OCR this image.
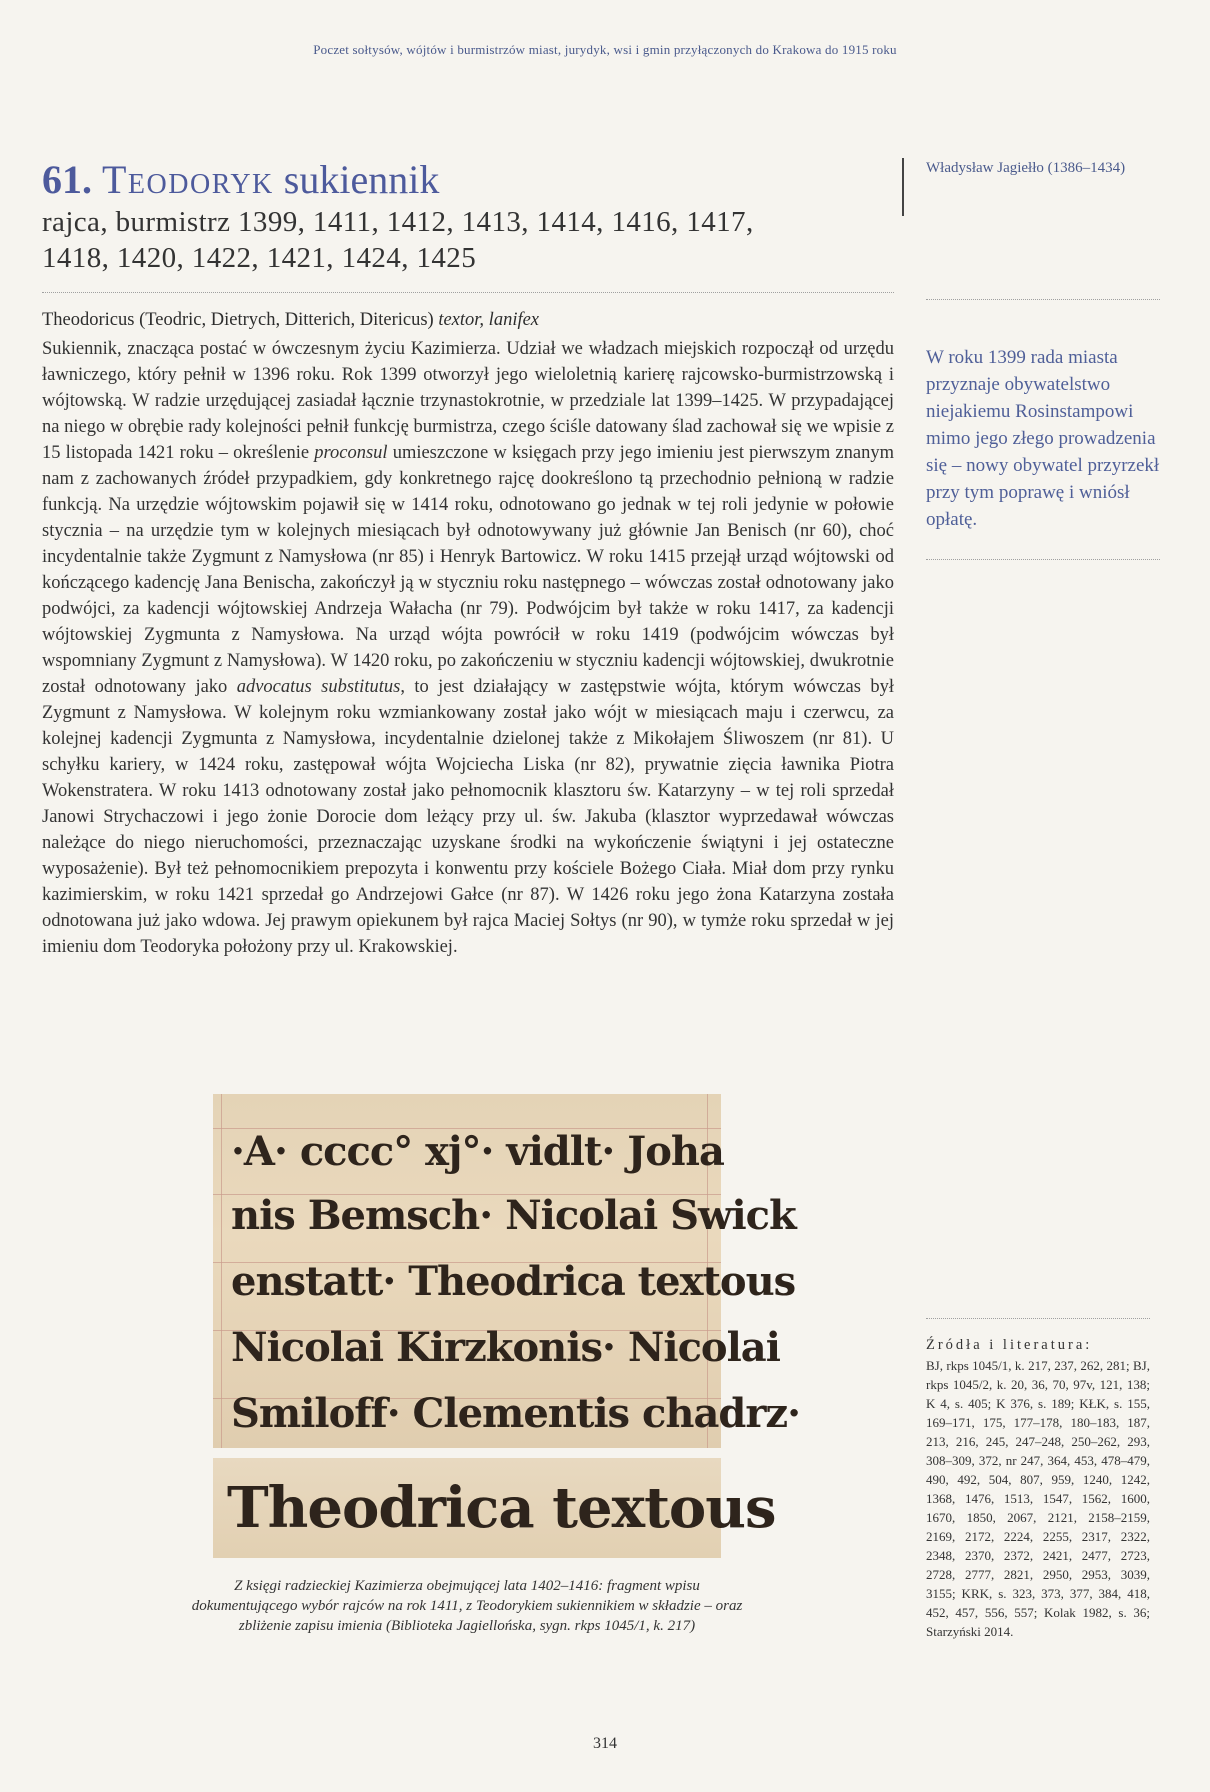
Poczet sołtysów, wójtów i burmistrzów miast, jurydyk, wsi i gmin przyłączonych do Krakowa do 1915 roku
61. Teodoryk sukiennik
rajca, burmistrz 1399, 1411, 1412, 1413, 1414, 1416, 1417,
1418, 1420, 1422, 1421, 1424, 1425
Theodoricus (Teodric, Dietrych, Ditterich, Ditericus) textor, lanifex

Sukiennik, znacząca postać w ówczesnym życiu Kazimierza. Udział we władzach miejskich rozpoczął od urzędu ławniczego, który pełnił w 1396 roku. Rok 1399 otworzył jego wieloletnią karierę rajcowsko-burmistrzowską i wójtowską. W radzie urzędującej zasiadał łącznie trzynastokrotnie, w przedziale lat 1399–1425. W przypadającej na niego w obrębie rady kolejności pełnił funkcję burmistrza, czego ściśle datowany ślad zachował się we wpisie z 15 listopada 1421 roku – określenie proconsul umieszczone w księgach przy jego imieniu jest pierwszym znanym nam z zachowanych źródeł przypadkiem, gdy konkretnego rajcę dookreślono tą przechodnio pełnioną w radzie funkcją. Na urzędzie wójtowskim pojawił się w 1414 roku, odnotowano go jednak w tej roli jedynie w połowie stycznia – na urzędzie tym w kolejnych miesiącach był odnotowywany już głównie Jan Benisch (nr 60), choć incydentalnie także Zygmunt z Namysłowa (nr 85) i Henryk Bartowicz. W roku 1415 przejął urząd wójtowski od kończącego kadencję Jana Benischa, zakończył ją w styczniu roku następnego – wówczas został odnotowany jako podwójci, za kadencji wójtowskiej Andrzeja Wałacha (nr 79). Podwójcim był także w roku 1417, za kadencji wójtowskiej Zygmunta z Namysłowa. Na urząd wójta powrócił w roku 1419 (podwójcim wówczas był wspomniany Zygmunt z Namysłowa). W 1420 roku, po zakończeniu w styczniu kadencji wójtowskiej, dwukrotnie został odnotowany jako advocatus substitutus, to jest działający w zastępstwie wójta, którym wówczas był Zygmunt z Namysłowa. W kolejnym roku wzmiankowany został jako wójt w miesiącach maju i czerwcu, za kolejnej kadencji Zygmunta z Namysłowa, incydentalnie dzielonej także z Mikołajem Śliwoszem (nr 81). U schyłku kariery, w 1424 roku, zastępował wójta Wojciecha Liska (nr 82), prywatnie zięcia ławnika Piotra Wokenstratera. W roku 1413 odnotowany został jako pełnomocnik klasztoru św. Katarzyny – w tej roli sprzedał Janowi Strychaczowi i jego żonie Dorocie dom leżący przy ul. św. Jakuba (klasztor wyprzedawał wówczas należące do niego nieruchomości, przeznaczając uzyskane środki na wykończenie świątyni i jej ostateczne wyposażenie). Był też pełnomocnikiem prepozyta i konwentu przy kościele Bożego Ciała. Miał dom przy rynku kazimierskim, w roku 1421 sprzedał go Andrzejowi Gałce (nr 87). W 1426 roku jego żona Katarzyna została odnotowana już jako wdowa. Jej prawym opiekunem był rajca Maciej Sołtys (nr 90), w tymże roku sprzedał w jej imieniu dom Teodoryka położony przy ul. Krakowskiej.

Władysław Jagiełło (1386–1434)
W roku 1399 rada miasta przyznaje obywatelstwo niejakiemu Rosinstampowi mimo jego złego prowadzenia się – nowy obywatel przyrzekł przy tym poprawę i wniósł opłatę.
Źródła i literatura:
BJ, rkps 1045/1, k. 217, 237, 262, 281; BJ, rkps 1045/2, k. 20, 36, 70, 97v, 121, 138; K 4, s. 405; K 376, s. 189; KŁK, s. 155, 169–171, 175, 177–178, 180–183, 187, 213, 216, 245, 247–248, 250–262, 293, 308–309, 372, nr 247, 364, 453, 478–479, 490, 492, 504, 807, 959, 1240, 1242, 1368, 1476, 1513, 1547, 1562, 1600, 1670, 1850, 2067, 2121, 2158–2159, 2169, 2172, 2224, 2255, 2317, 2322, 2348, 2370, 2372, 2421, 2477, 2723, 2728, 2777, 2821, 2950, 2953, 3039, 3155; KRK, s. 323, 373, 377, 384, 418, 452, 457, 556, 557; Kolak 1982, s. 36; Starzyński 2014.
·A· cccc° xj°· vidlt· Joha
nis Bemsch· Nicolai Swick
enstatt· Theodrica textous
Nicolai Kirzkonis· Nicolai
Smiloff· Clementis chadrz·
Theodrica textous
Z księgi radzieckiej Kazimierza obejmującej lata 1402–1416: fragment wpisu dokumentującego wybór rajców na rok 1411, z Teodorykiem sukiennikiem w składzie – oraz zbliżenie zapisu imienia (Biblioteka Jagiellońska, sygn. rkps 1045/1, k. 217)
314
